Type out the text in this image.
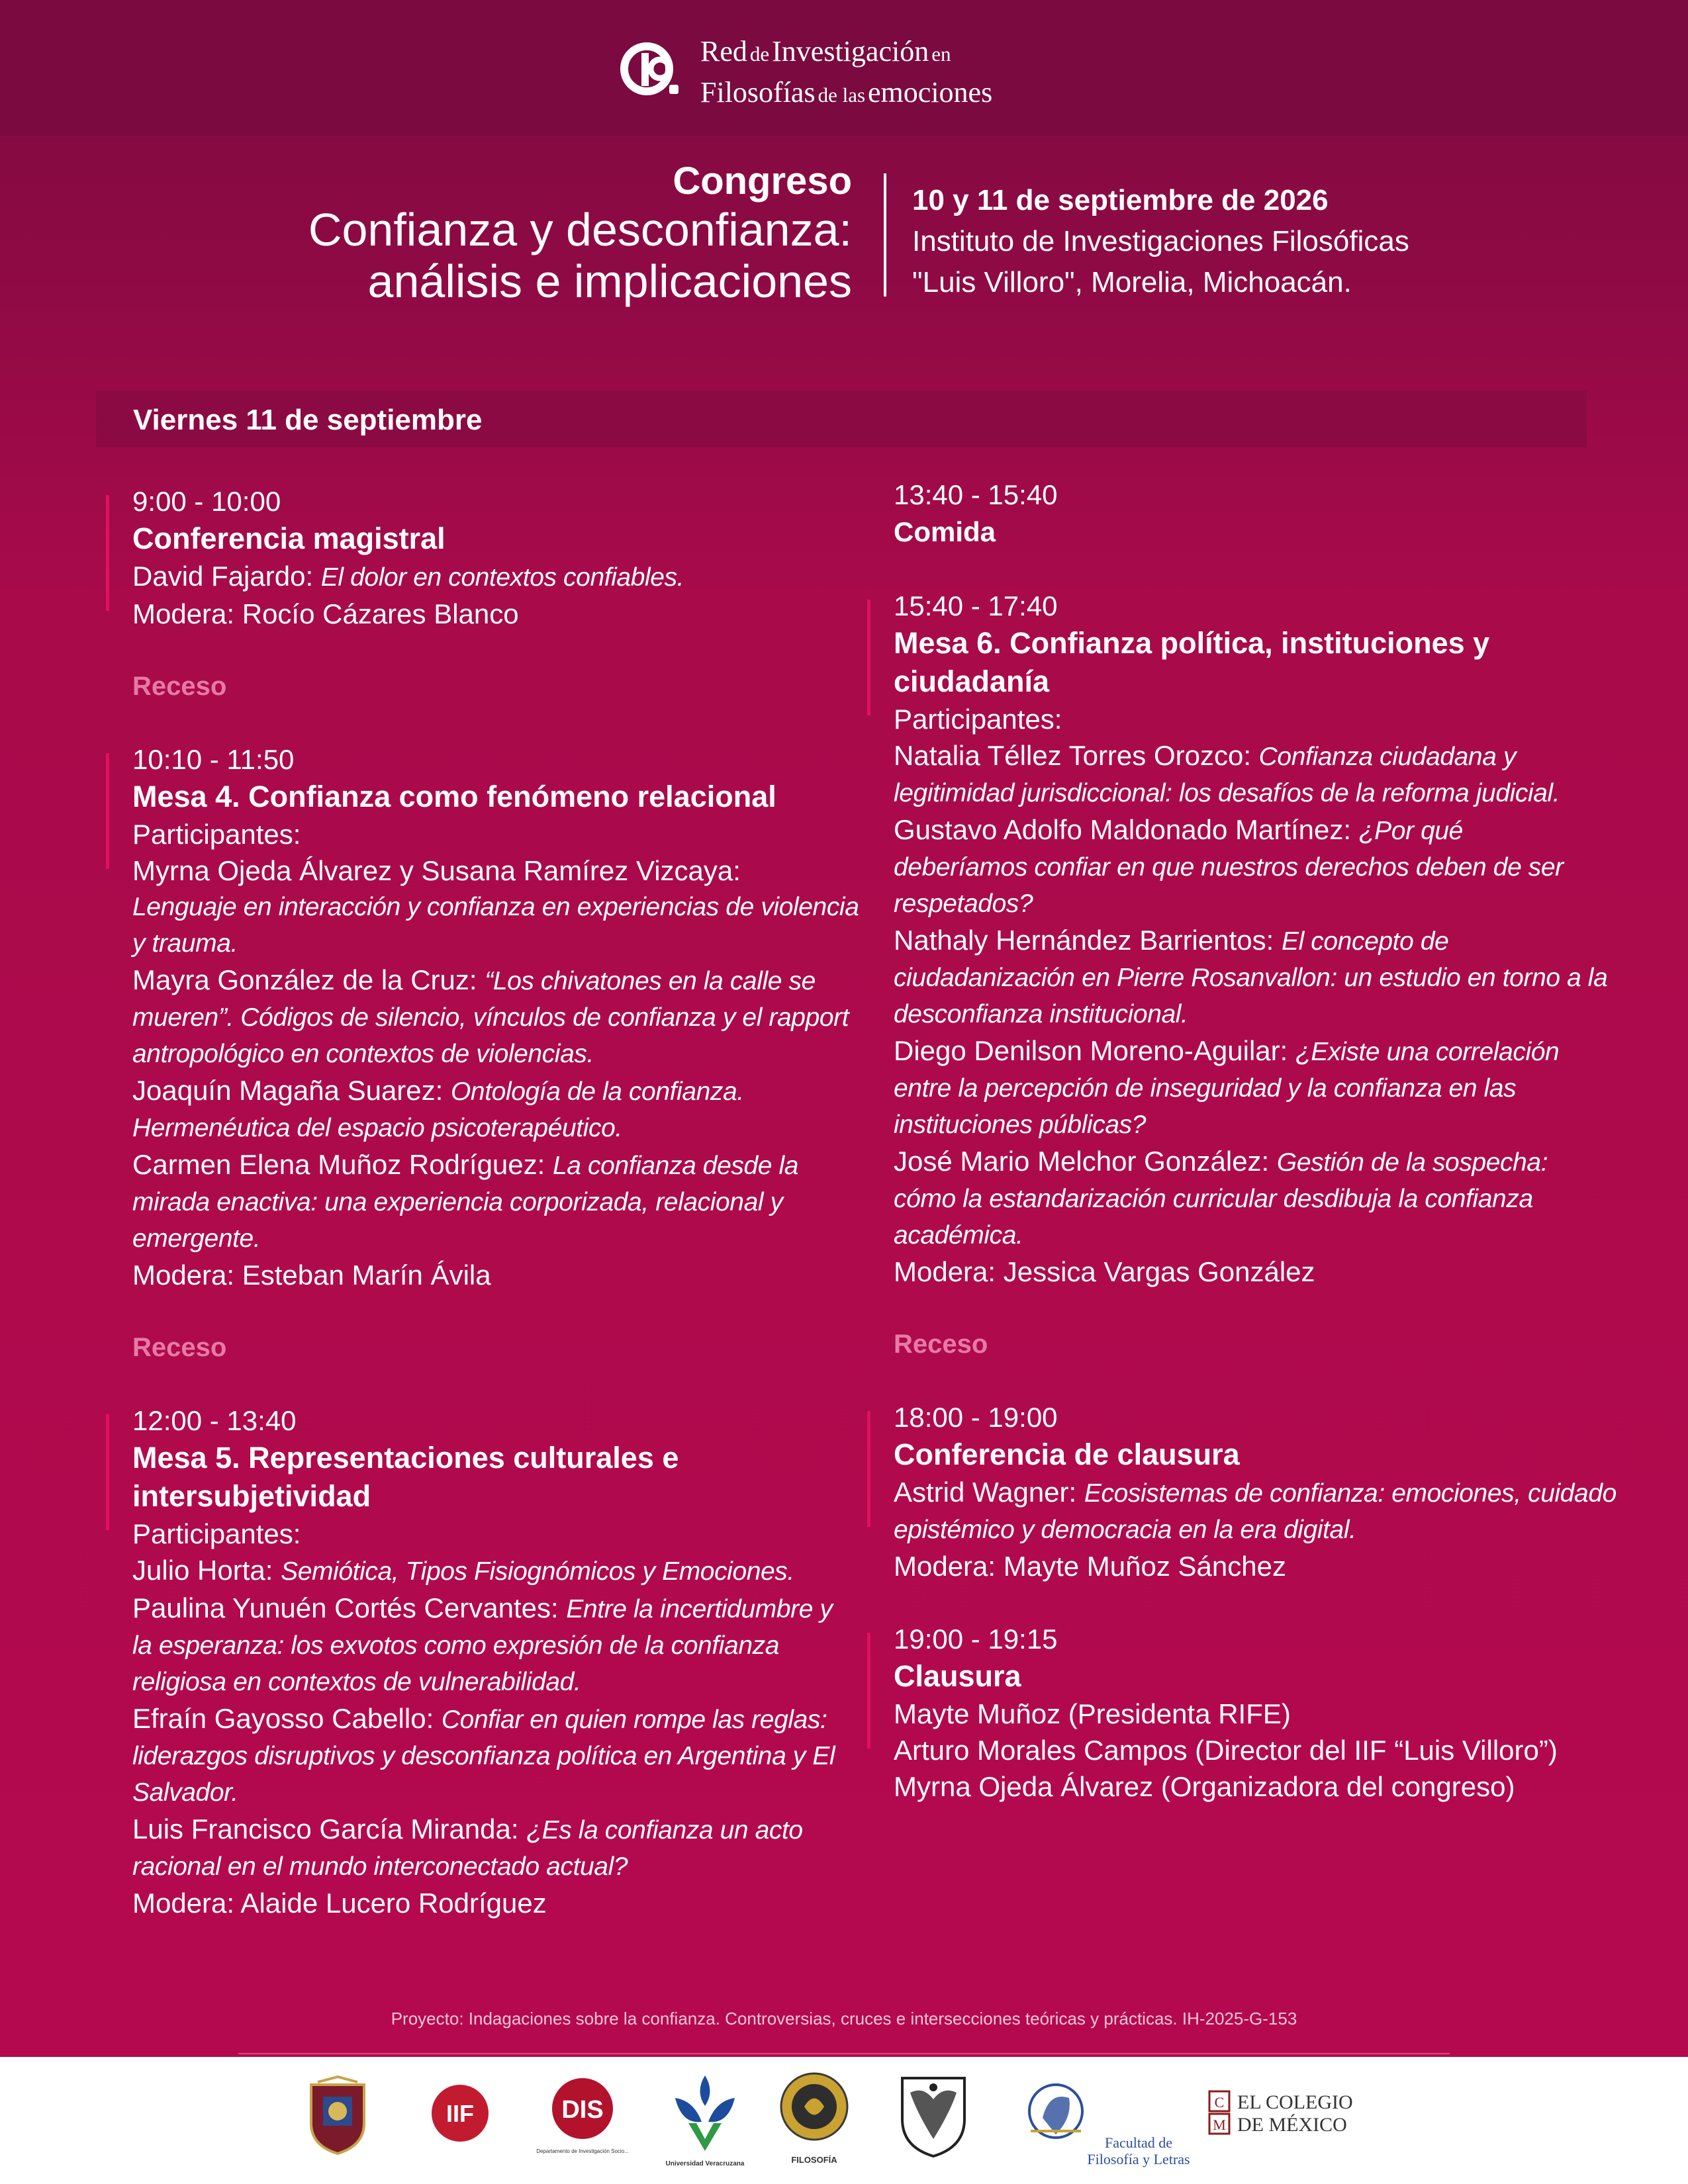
Red de Investigación en
Filosofías de las emociones
Congreso
Confianza y desconfianza:
análisis e implicaciones
10 y 11 de septiembre de 2026
Instituto de Investigaciones Filosóficas
"Luis Villoro", Morelia, Michoacán.
Viernes 11 de septiembre
9:00 - 10:00
Conferencia magistral
David Fajardo: El dolor en contextos confiables.
Modera: Rocío Cázares Blanco
Receso
10:10 - 11:50
Mesa 4. Confianza como fenómeno relacional
Participantes:
Myrna Ojeda Álvarez y Susana Ramírez Vizcaya:
Lenguaje en interacción y confianza en experiencias de violencia
y trauma.
Mayra González de la Cruz: “Los chivatones en la calle se
mueren”. Códigos de silencio, vínculos de confianza y el rapport
antropológico en contextos de violencias.
Joaquín Magaña Suarez: Ontología de la confianza.
Hermenéutica del espacio psicoterapéutico.
Carmen Elena Muñoz Rodríguez: La confianza desde la
mirada enactiva: una experiencia corporizada, relacional y
emergente.
Modera: Esteban Marín Ávila
Receso
12:00 - 13:40
Mesa 5. Representaciones culturales e
intersubjetividad
Participantes:
Julio Horta: Semiótica, Tipos Fisiognómicos y Emociones.
Paulina Yunuén Cortés Cervantes: Entre la incertidumbre y
la esperanza: los exvotos como expresión de la confianza
religiosa en contextos de vulnerabilidad.
Efraín Gayosso Cabello: Confiar en quien rompe las reglas:
liderazgos disruptivos y desconfianza política en Argentina y El
Salvador.
Luis Francisco García Miranda: ¿Es la confianza un acto
racional en el mundo interconectado actual?
Modera: Alaide Lucero Rodríguez
13:40 - 15:40
Comida
15:40 - 17:40
Mesa 6. Confianza política, instituciones y
ciudadanía
Participantes:
Natalia Téllez Torres Orozco: Confianza ciudadana y
legitimidad jurisdiccional: los desafíos de la reforma judicial.
Gustavo Adolfo Maldonado Martínez: ¿Por qué
deberíamos confiar en que nuestros derechos deben de ser
respetados?
Nathaly Hernández Barrientos: El concepto de
ciudadanización en Pierre Rosanvallon: un estudio en torno a la
desconfianza institucional.
Diego Denilson Moreno-Aguilar: ¿Existe una correlación
entre la percepción de inseguridad y la confianza en las
instituciones públicas?
José Mario Melchor González: Gestión de la sospecha:
cómo la estandarización curricular desdibuja la confianza
académica.
Modera: Jessica Vargas González
Receso
18:00 - 19:00
Conferencia de clausura
Astrid Wagner: Ecosistemas de confianza: emociones, cuidado
epistémico y democracia en la era digital.
Modera: Mayte Muñoz Sánchez
19:00 - 19:15
Clausura
Mayte Muñoz (Presidenta RIFE)
Arturo Morales Campos (Director del IIF “Luis Villoro”)
Myrna Ojeda Álvarez (Organizadora del congreso)
Proyecto: Indagaciones sobre la confianza. Controversias, cruces e intersecciones teóricas y prácticas. IH-2025-G-153
IIF	DIS
Departamento de Investigación Socio...
Universidad Veracruzana	FILOSOFÍA
Facultad de
Filosofía y Letras
C
M
EL COLEGIO
DE MÉXICO
